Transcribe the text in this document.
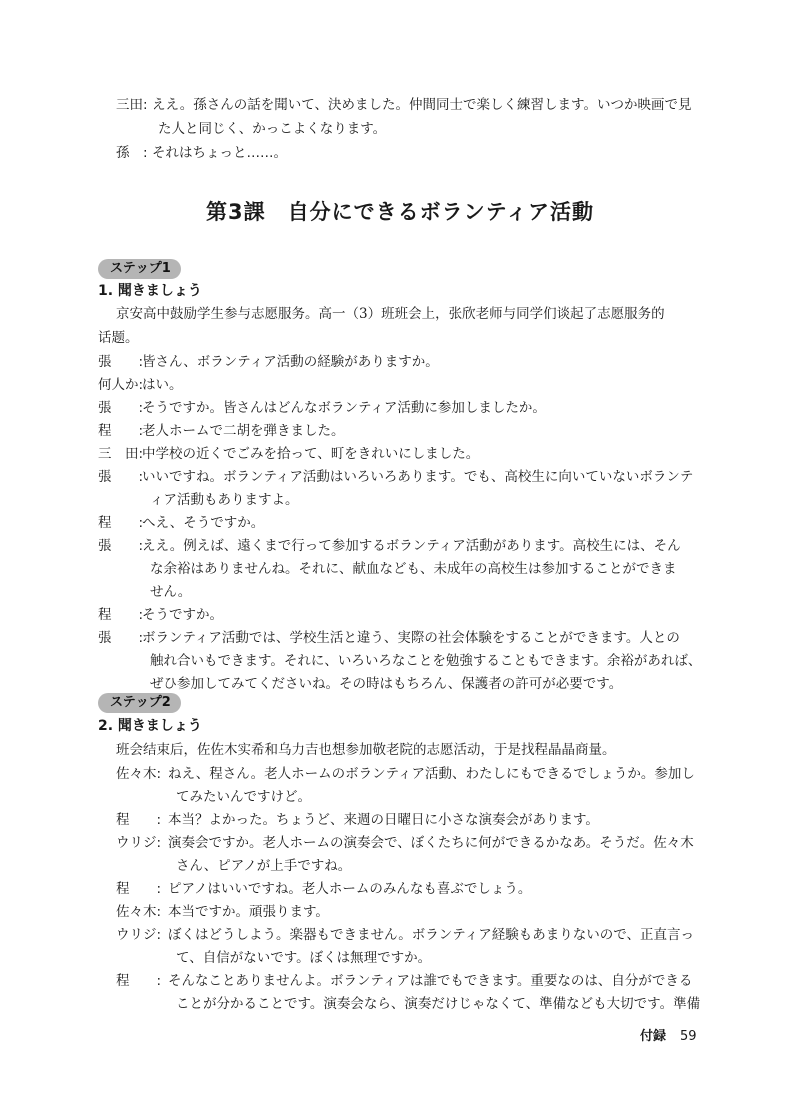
三田: ええ。孫さんの話を聞いて、決めました。仲間同士で楽しく練習します。いつか映画で見
た人と同じく、かっこよくなります。
孫　: それはちょっと……。
第3課　自分にできるボランティア活動
ステップ1
1. 聞きましょう
京安高中鼓励学生参与志愿服务。高一（3）班班会上，张欣老师与同学们谈起了志愿服务的
话题。
張　　:
皆さん、ボランティア活動の経験がありますか。
何人か:
はい。
張　　:
そうですか。皆さんはどんなボランティア活動に参加しましたか。
程　　:
老人ホームで二胡を弾きました。
三　田:
中学校の近くでごみを拾って、町をきれいにしました。
張　　:
いいですね。ボランティア活動はいろいろあります。でも、高校生に向いていないボランテ
ィア活動もありますよ。
程　　:
へえ、そうですか。
張　　:
ええ。例えば、遠くまで行って参加するボランティア活動があります。高校生には、そん
な余裕はありませんね。それに、献血なども、未成年の高校生は参加することができま
せん。
程　　:
そうですか。
張　　:
ボランティア活動では、学校生活と違う、実際の社会体験をすることができます。人との
触れ合いもできます。それに、いろいろなことを勉強することもできます。余裕があれば、
ぜひ参加してみてくださいね。その時はもちろん、保護者の許可が必要です。
ステップ2
2. 聞きましょう
班会结束后，佐佐木实希和乌力吉也想参加敬老院的志愿活动，于是找程晶晶商量。
佐々木: ねえ、程さん。老人ホームのボランティア活動、わたしにもできるでしょうか。参加し
てみたいんですけど。
程　　: 本当？よかった。ちょうど、来週の日曜日に小さな演奏会があります。
ウリジ: 演奏会ですか。老人ホームの演奏会で、ぼくたちに何ができるかなあ。そうだ。佐々木
さん、ピアノが上手ですね。
程　　: ピアノはいいですね。老人ホームのみんなも喜ぶでしょう。
佐々木: 本当ですか。頑張ります。
ウリジ: ぼくはどうしよう。楽器もできません。ボランティア経験もあまりないので、正直言っ
て、自信がないです。ぼくは無理ですか。
程　　: そんなことありませんよ。ボランティアは誰でもできます。重要なのは、自分ができる
ことが分かることです。演奏会なら、演奏だけじゃなくて、準備なども大切です。準備
付録 59
